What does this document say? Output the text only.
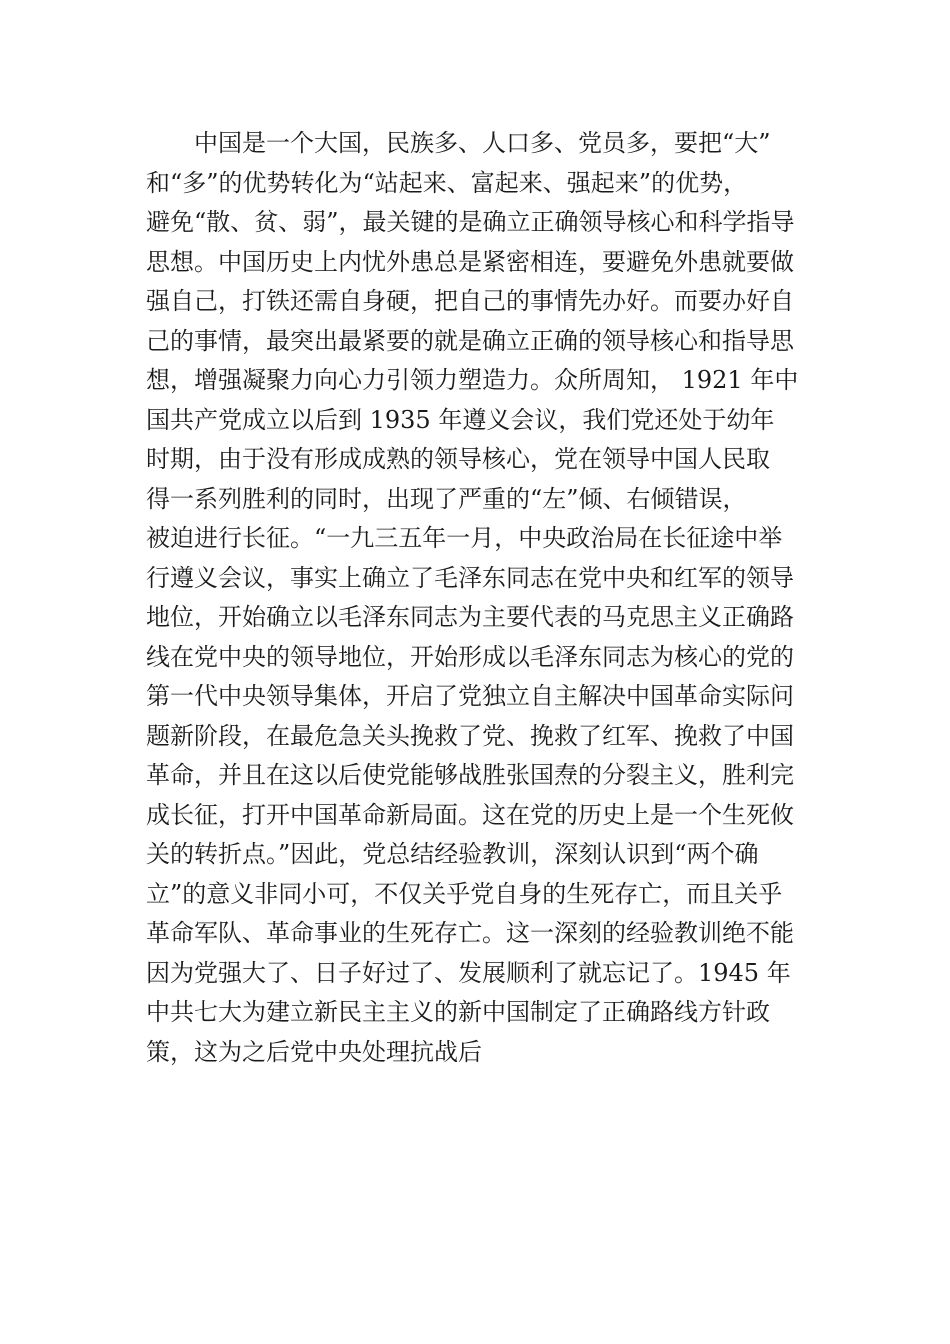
中国是一个大国，民族多、人口多、党员多，要把“大”
和“多”的优势转化为“站起来、富起来、强起来”的优势，
避免“散、贫、弱”，最关键的是确立正确领导核心和科学指导
思想。中国历史上内忧外患总是紧密相连，要避免外患就要做
强自己，打铁还需自身硬，把自己的事情先办好。而要办好自
己的事情，最突出最紧要的就是确立正确的领导核心和指导思
想，增强凝聚力向心力引领力塑造力。众所周知， 1921 年中
国共产党成立以后到 1935 年遵义会议，我们党还处于幼年
时期，由于没有形成成熟的领导核心，党在领导中国人民取
得一系列胜利的同时，出现了严重的“左”倾、右倾错误，
被迫进行长征。“一九三五年一月，中央政治局在长征途中举
行遵义会议，事实上确立了毛泽东同志在党中央和红军的领导
地位，开始确立以毛泽东同志为主要代表的马克思主义正确路
线在党中央的领导地位，开始形成以毛泽东同志为核心的党的
第一代中央领导集体，开启了党独立自主解决中国革命实际问
题新阶段，在最危急关头挽救了党、挽救了红军、挽救了中国
革命，并且在这以后使党能够战胜张国焘的分裂主义，胜利完
成长征，打开中国革命新局面。这在党的历史上是一个生死攸
关的转折点。”因此，党总结经验教训，深刻认识到“两个确
立”的意义非同小可，不仅关乎党自身的生死存亡，而且关乎
革命军队、革命事业的生死存亡。这一深刻的经验教训绝不能
因为党强大了、日子好过了、发展顺利了就忘记了。1945 年
中共七大为建立新民主主义的新中国制定了正确路线方针政
策，这为之后党中央处理抗战后
